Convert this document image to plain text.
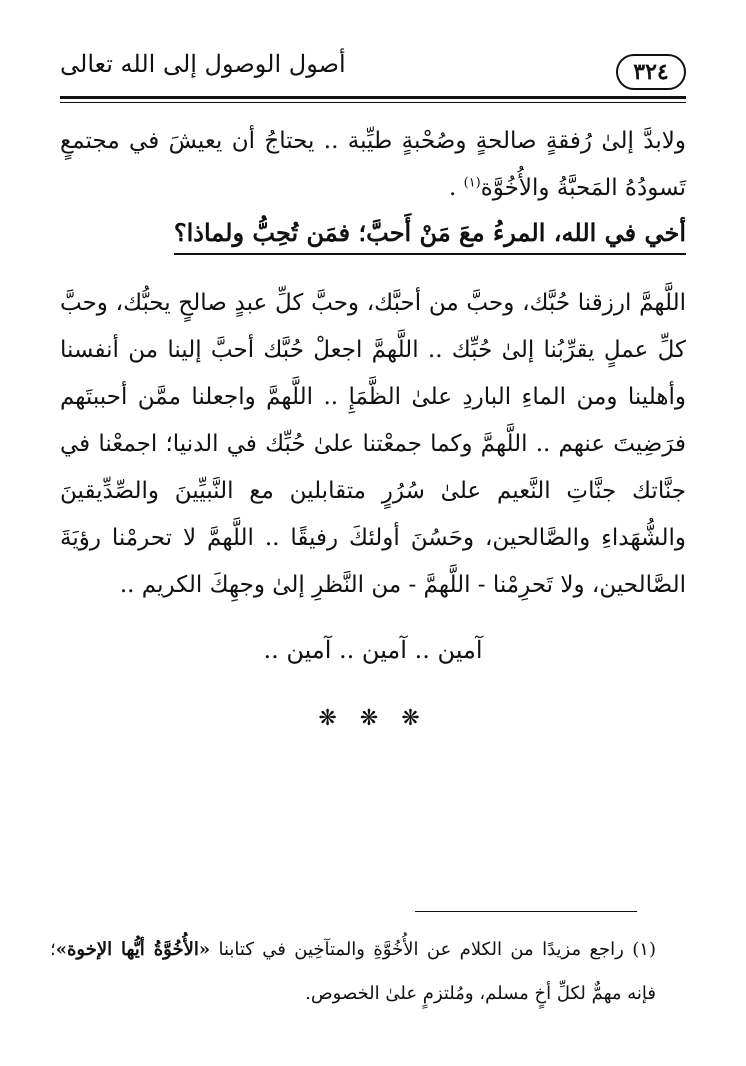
أصول الوصول إلى الله تعالى	٣٢٤
ولابدَّ إلىٰ رُفقةٍ صالحةٍ وصُحْبةٍ طيِّبة .. يحتاجُ أن يعيشَ في مجتمعٍ تَسودُهُ المَحبَّةُ والأُخُوَّة$^{(١)}$ .
أخي في الله، المرءُ معَ مَنْ أَحبَّ؛ فمَن تُحِبُّ ولماذا؟
اللَّهمَّ ارزقنا حُبَّك، وحبَّ من أحبَّك، وحبَّ كلِّ عبدٍ صالحٍ يحبُّك، وحبَّ كلِّ عملٍ يقرِّبُنا إلىٰ حُبِّك .. اللَّهمَّ اجعلْ حُبَّك أحبَّ إلينا من أنفسنا وأهلينا ومن الماءِ الباردِ علىٰ الظَّمَإِ .. اللَّهمَّ واجعلنا ممَّن أحببتَهم فرَضِيتَ عنهم .. اللَّهمَّ وكما جمعْتنا علىٰ حُبِّك في الدنيا؛ اجمعْنا في جنَّاتك جنَّاتِ النَّعيم علىٰ سُرُرٍ متقابلين مع النَّبيِّينَ والصِّدِّيقينَ والشُّهَداءِ والصَّالحين، وحَسُنَ أولئكَ رفيقًا .. اللَّهمَّ لا تحرمْنا رؤيَةَ الصَّالحين، ولا تَحرِمْنا - اللَّهمَّ - من النَّظرِ إلىٰ وجهِكَ الكريم ..
آمين .. آمين .. آمين ..
❋ ❋ ❋
(١) راجع مزيدًا من الكلام عن الأُخُوَّةِ والمتآخِين في كتابنا «الأُخُوَّةُ أيُّها الإخوة»؛ فإنه مهمٌّ لكلِّ أخٍ مسلم، ومُلتزمٍ علىٰ الخصوص.
